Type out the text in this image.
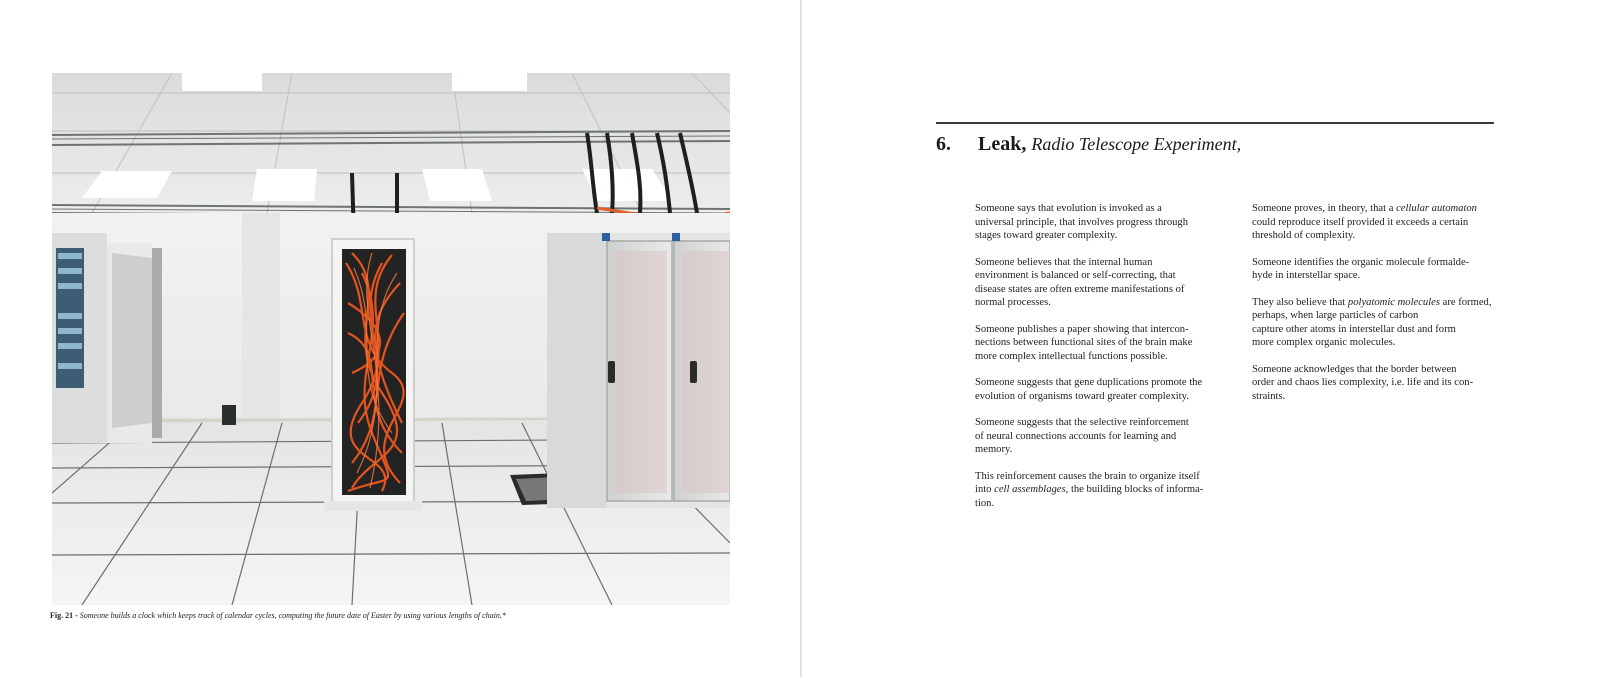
Fig. 21 - Someone builds a clock which keeps track of calendar cycles, computing the future date of Easter by using various lengths of chain.*
6. Leak, Radio Telescope Experiment,

Someone says that evolution is invoked as a
universal principle, that involves progress through
stages toward greater complexity.

Someone believes that the internal human
environment is balanced or self-correcting, that
disease states are often extreme manifestations of
normal processes.

Someone publishes a paper showing that intercon-
nections between functional sites of the brain make
more complex intellectual functions possible.

Someone suggests that gene duplications promote the
evolution of organisms toward greater complexity.

Someone suggests that the selective reinforcement
of neural connections accounts for learning and
memory.

This reinforcement causes the brain to organize itself
into cell assemblages, the building blocks of informa-
tion.

Someone proves, in theory, that a cellular automaton
could reproduce itself provided it exceeds a certain
threshold of complexity.

Someone identifies the organic molecule formalde-
hyde in interstellar space.

They also believe that polyatomic molecules are formed,
perhaps, when large particles of carbon
capture other atoms in interstellar dust and form
more complex organic molecules.

Someone acknowledges that the border between
order and chaos lies complexity, i.e. life and its con-
straints.
